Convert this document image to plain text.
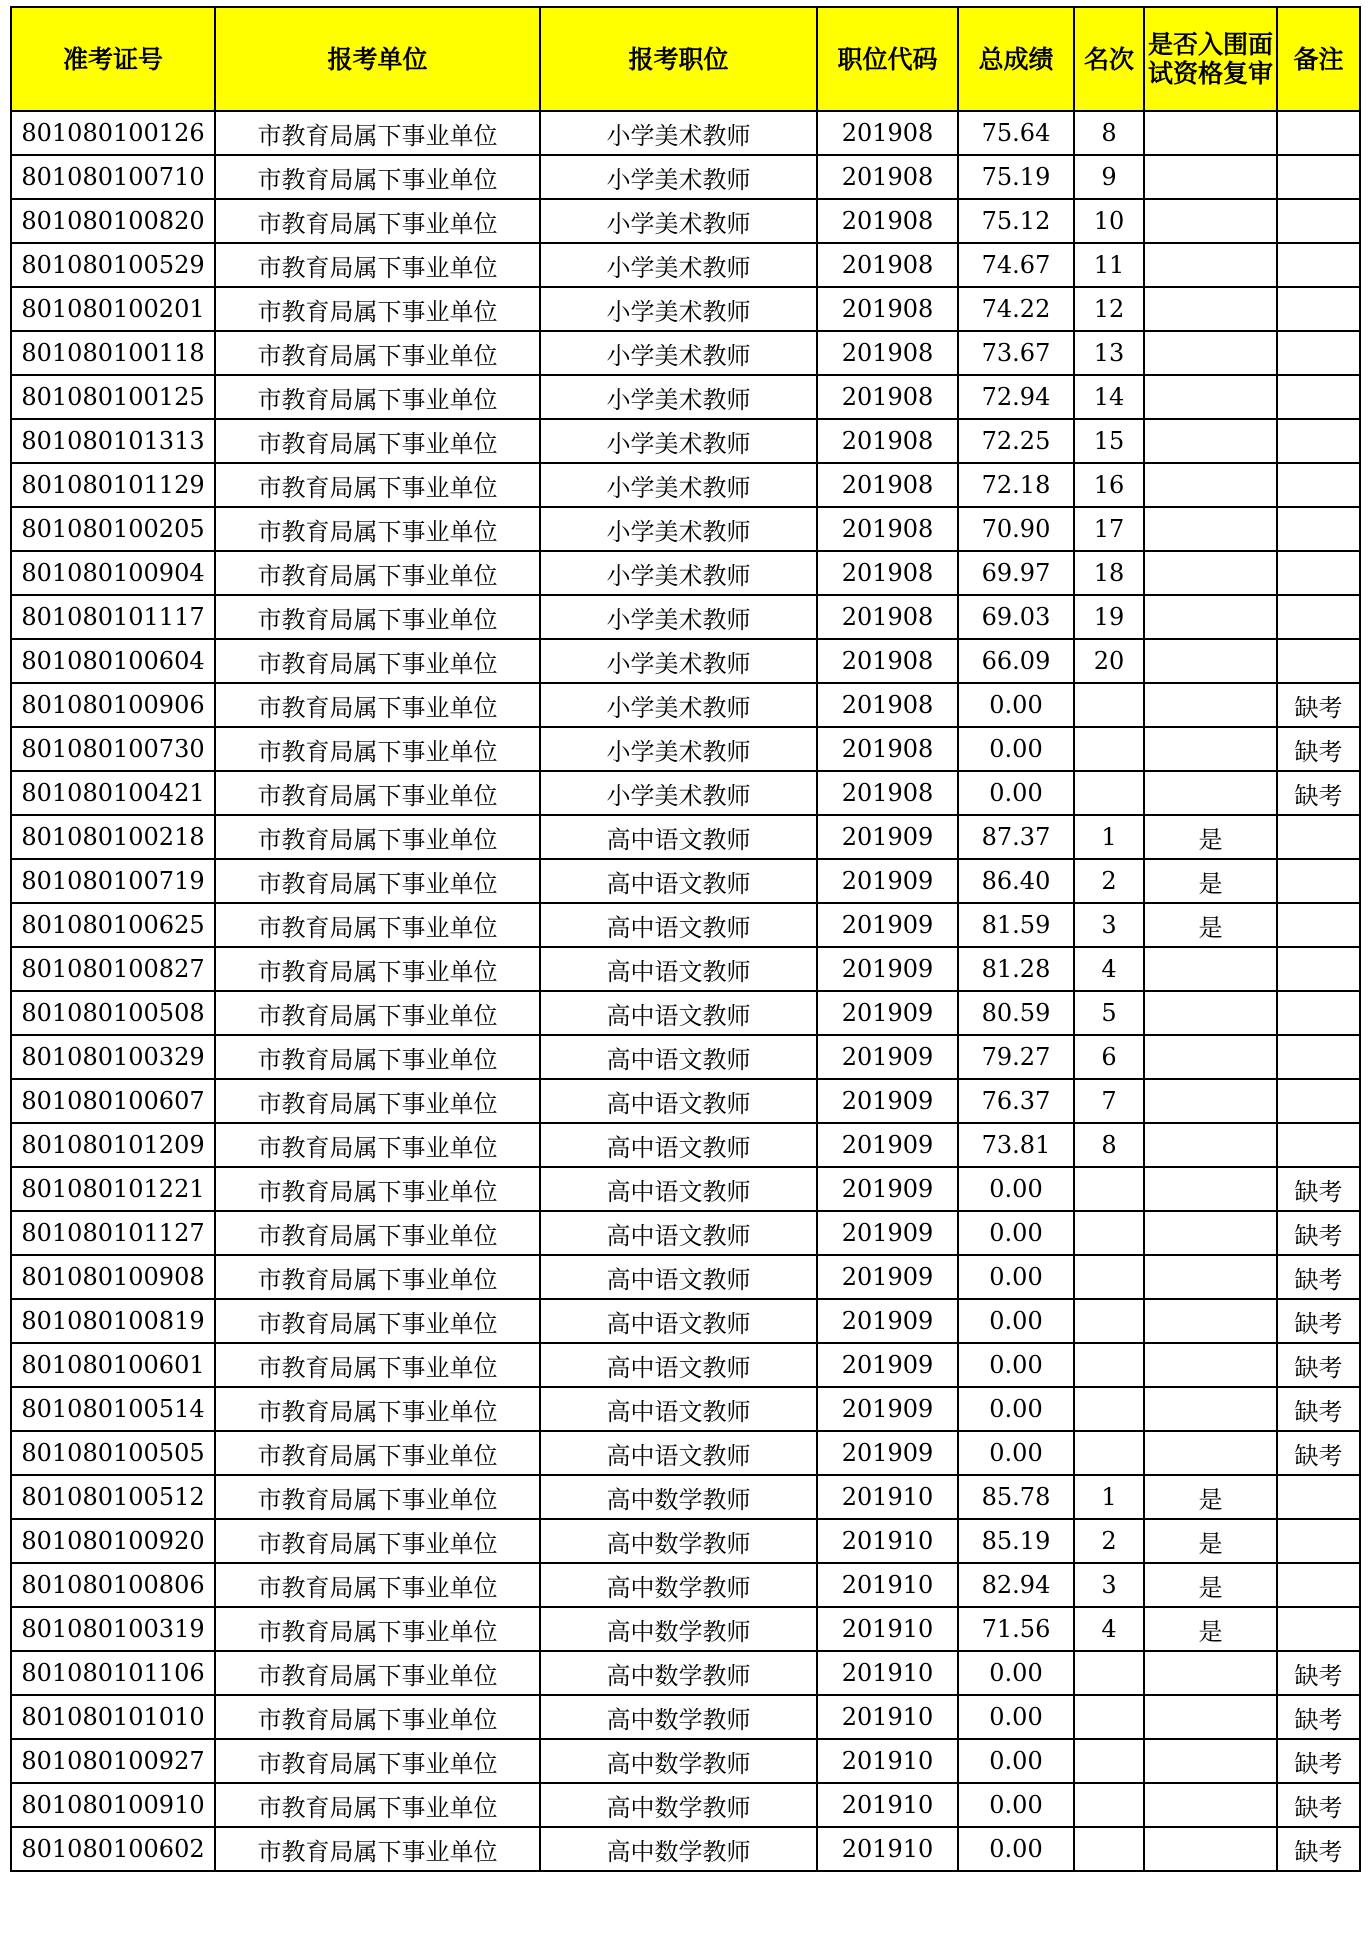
准考证号	报考单位	报考职位	职位代码	总成绩	名次	是否入围面试资格复审	备注
801080100126	市教育局属下事业单位	小学美术教师	201908	75.64	8		
801080100710	市教育局属下事业单位	小学美术教师	201908	75.19	9		
801080100820	市教育局属下事业单位	小学美术教师	201908	75.12	10		
801080100529	市教育局属下事业单位	小学美术教师	201908	74.67	11		
801080100201	市教育局属下事业单位	小学美术教师	201908	74.22	12		
801080100118	市教育局属下事业单位	小学美术教师	201908	73.67	13		
801080100125	市教育局属下事业单位	小学美术教师	201908	72.94	14		
801080101313	市教育局属下事业单位	小学美术教师	201908	72.25	15		
801080101129	市教育局属下事业单位	小学美术教师	201908	72.18	16		
801080100205	市教育局属下事业单位	小学美术教师	201908	70.90	17		
801080100904	市教育局属下事业单位	小学美术教师	201908	69.97	18		
801080101117	市教育局属下事业单位	小学美术教师	201908	69.03	19		
801080100604	市教育局属下事业单位	小学美术教师	201908	66.09	20		
801080100906	市教育局属下事业单位	小学美术教师	201908	0.00			缺考
801080100730	市教育局属下事业单位	小学美术教师	201908	0.00			缺考
801080100421	市教育局属下事业单位	小学美术教师	201908	0.00			缺考
801080100218	市教育局属下事业单位	高中语文教师	201909	87.37	1	是	
801080100719	市教育局属下事业单位	高中语文教师	201909	86.40	2	是	
801080100625	市教育局属下事业单位	高中语文教师	201909	81.59	3	是	
801080100827	市教育局属下事业单位	高中语文教师	201909	81.28	4		
801080100508	市教育局属下事业单位	高中语文教师	201909	80.59	5		
801080100329	市教育局属下事业单位	高中语文教师	201909	79.27	6		
801080100607	市教育局属下事业单位	高中语文教师	201909	76.37	7		
801080101209	市教育局属下事业单位	高中语文教师	201909	73.81	8		
801080101221	市教育局属下事业单位	高中语文教师	201909	0.00			缺考
801080101127	市教育局属下事业单位	高中语文教师	201909	0.00			缺考
801080100908	市教育局属下事业单位	高中语文教师	201909	0.00			缺考
801080100819	市教育局属下事业单位	高中语文教师	201909	0.00			缺考
801080100601	市教育局属下事业单位	高中语文教师	201909	0.00			缺考
801080100514	市教育局属下事业单位	高中语文教师	201909	0.00			缺考
801080100505	市教育局属下事业单位	高中语文教师	201909	0.00			缺考
801080100512	市教育局属下事业单位	高中数学教师	201910	85.78	1	是	
801080100920	市教育局属下事业单位	高中数学教师	201910	85.19	2	是	
801080100806	市教育局属下事业单位	高中数学教师	201910	82.94	3	是	
801080100319	市教育局属下事业单位	高中数学教师	201910	71.56	4	是	
801080101106	市教育局属下事业单位	高中数学教师	201910	0.00			缺考
801080101010	市教育局属下事业单位	高中数学教师	201910	0.00			缺考
801080100927	市教育局属下事业单位	高中数学教师	201910	0.00			缺考
801080100910	市教育局属下事业单位	高中数学教师	201910	0.00			缺考
801080100602	市教育局属下事业单位	高中数学教师	201910	0.00			缺考
